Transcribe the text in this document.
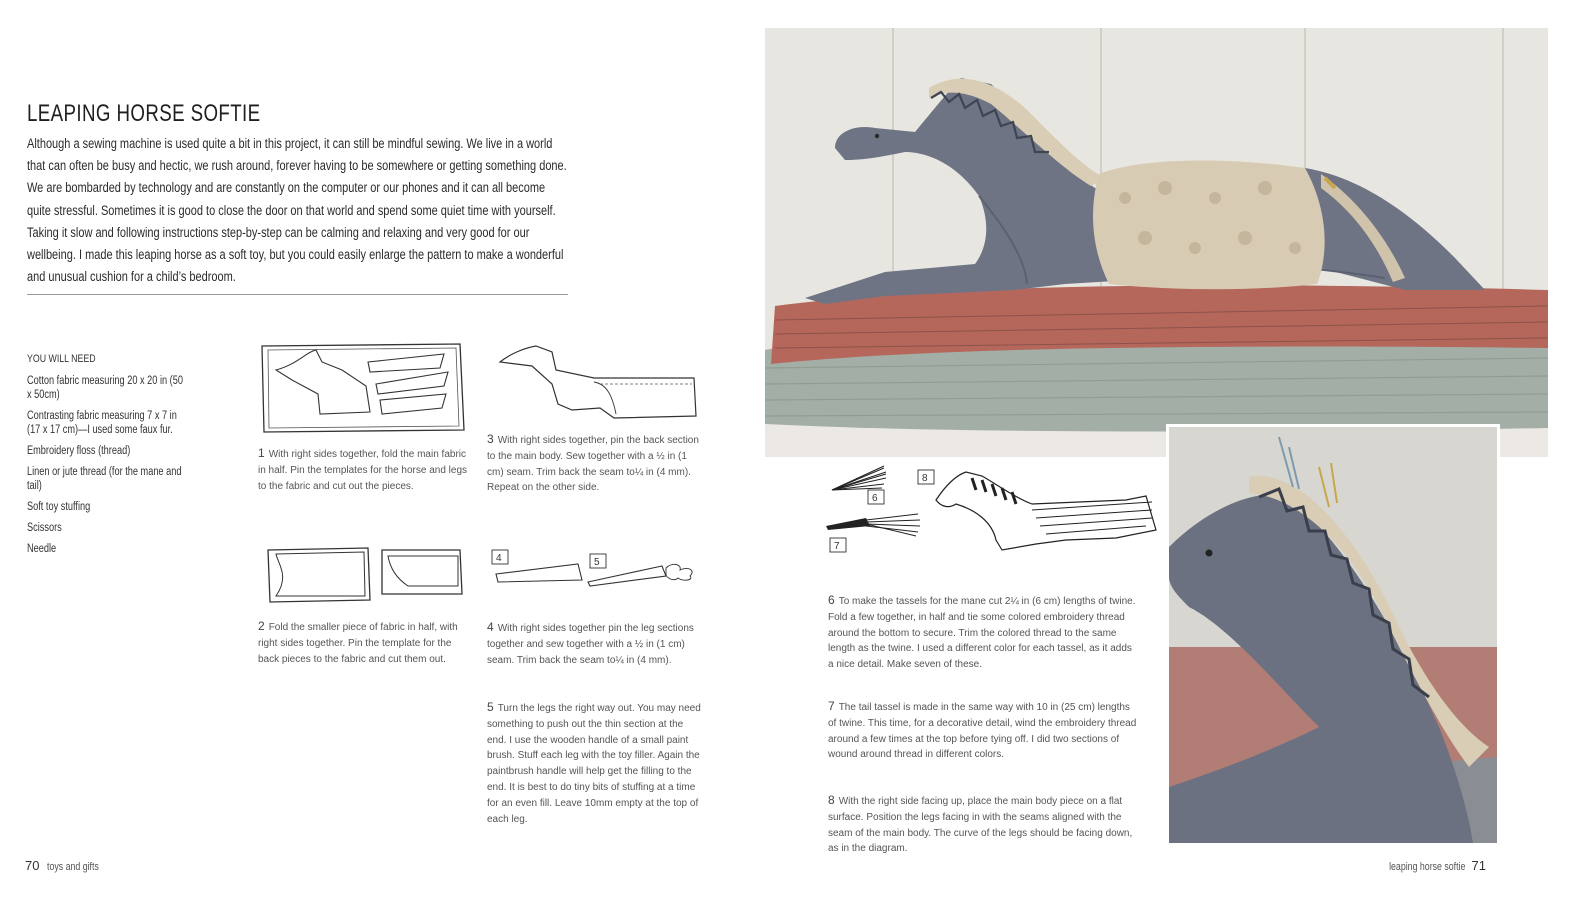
LEAPING HORSE SOFTIE

Although a sewing machine is used quite a bit in this project, it can still be mindful sewing. We live in a world that can often be busy and hectic, we rush around, forever having to be somewhere or getting something done. We are bombarded by technology and are constantly on the computer or our phones and it can all become quite stressful. Sometimes it is good to close the door on that world and spend some quiet time with yourself. Taking it slow and following instructions step-by-step can be calming and relaxing and very good for our wellbeing. I made this leaping horse as a soft toy, but you could easily enlarge the pattern to make a wonderful and unusual cushion for a child’s bedroom.

YOU WILL NEED
Cotton fabric measuring 20 x 20 in (50 x 50cm)
Contrasting fabric measuring 7 x 7 in (17 x 17 cm)—I used some faux fur.
Embroidery floss (thread)
Linen or jute thread (for the mane and tail)
Soft toy stuffing
Scissors
Needle
1 With right sides together, fold the main fabric in half. Pin the templates for the horse and legs to the fabric and cut out the pieces.
3 With right sides together, pin the back section to the main body. Sew together with a ½ in (1 cm) seam. Trim back the seam to¼ in (4 mm). Repeat on the other side.
2 Fold the smaller piece of fabric in half, with right sides together. Pin the template for the back pieces to the fabric and cut them out.
4	5
4 With right sides together pin the leg sections together and sew together with a ½ in (1 cm) seam. Trim back the seam to¼ in (4 mm).
5 Turn the legs the right way out. You may need something to push out the thin section at the end. I use the wooden handle of a small paint brush. Stuff each leg with the toy filler. Again the paintbrush handle will help get the filling to the end. It is best to do tiny bits of stuffing at a time for an even fill. Leave 10mm empty at the top of each leg.
70 toys and gifts
6
8
7
6 To make the tassels for the mane cut 2¼ in (6 cm) lengths of twine. Fold a few together, in half and tie some colored embroidery thread around the bottom to secure. Trim the colored thread to the same length as the twine. I used a different color for each tassel, as it adds a nice detail. Make seven of these.
7 The tail tassel is made in the same way with 10 in (25 cm) lengths of twine. This time, for a decorative detail, wind the embroidery thread around a few times at the top before tying off. I did two sections of wound around thread in different colors.
8 With the right side facing up, place the main body piece on a flat surface. Position the legs facing in with the seams aligned with the seam of the main body. The curve of the legs should be facing down, as in the diagram.
leaping horse softie 71
